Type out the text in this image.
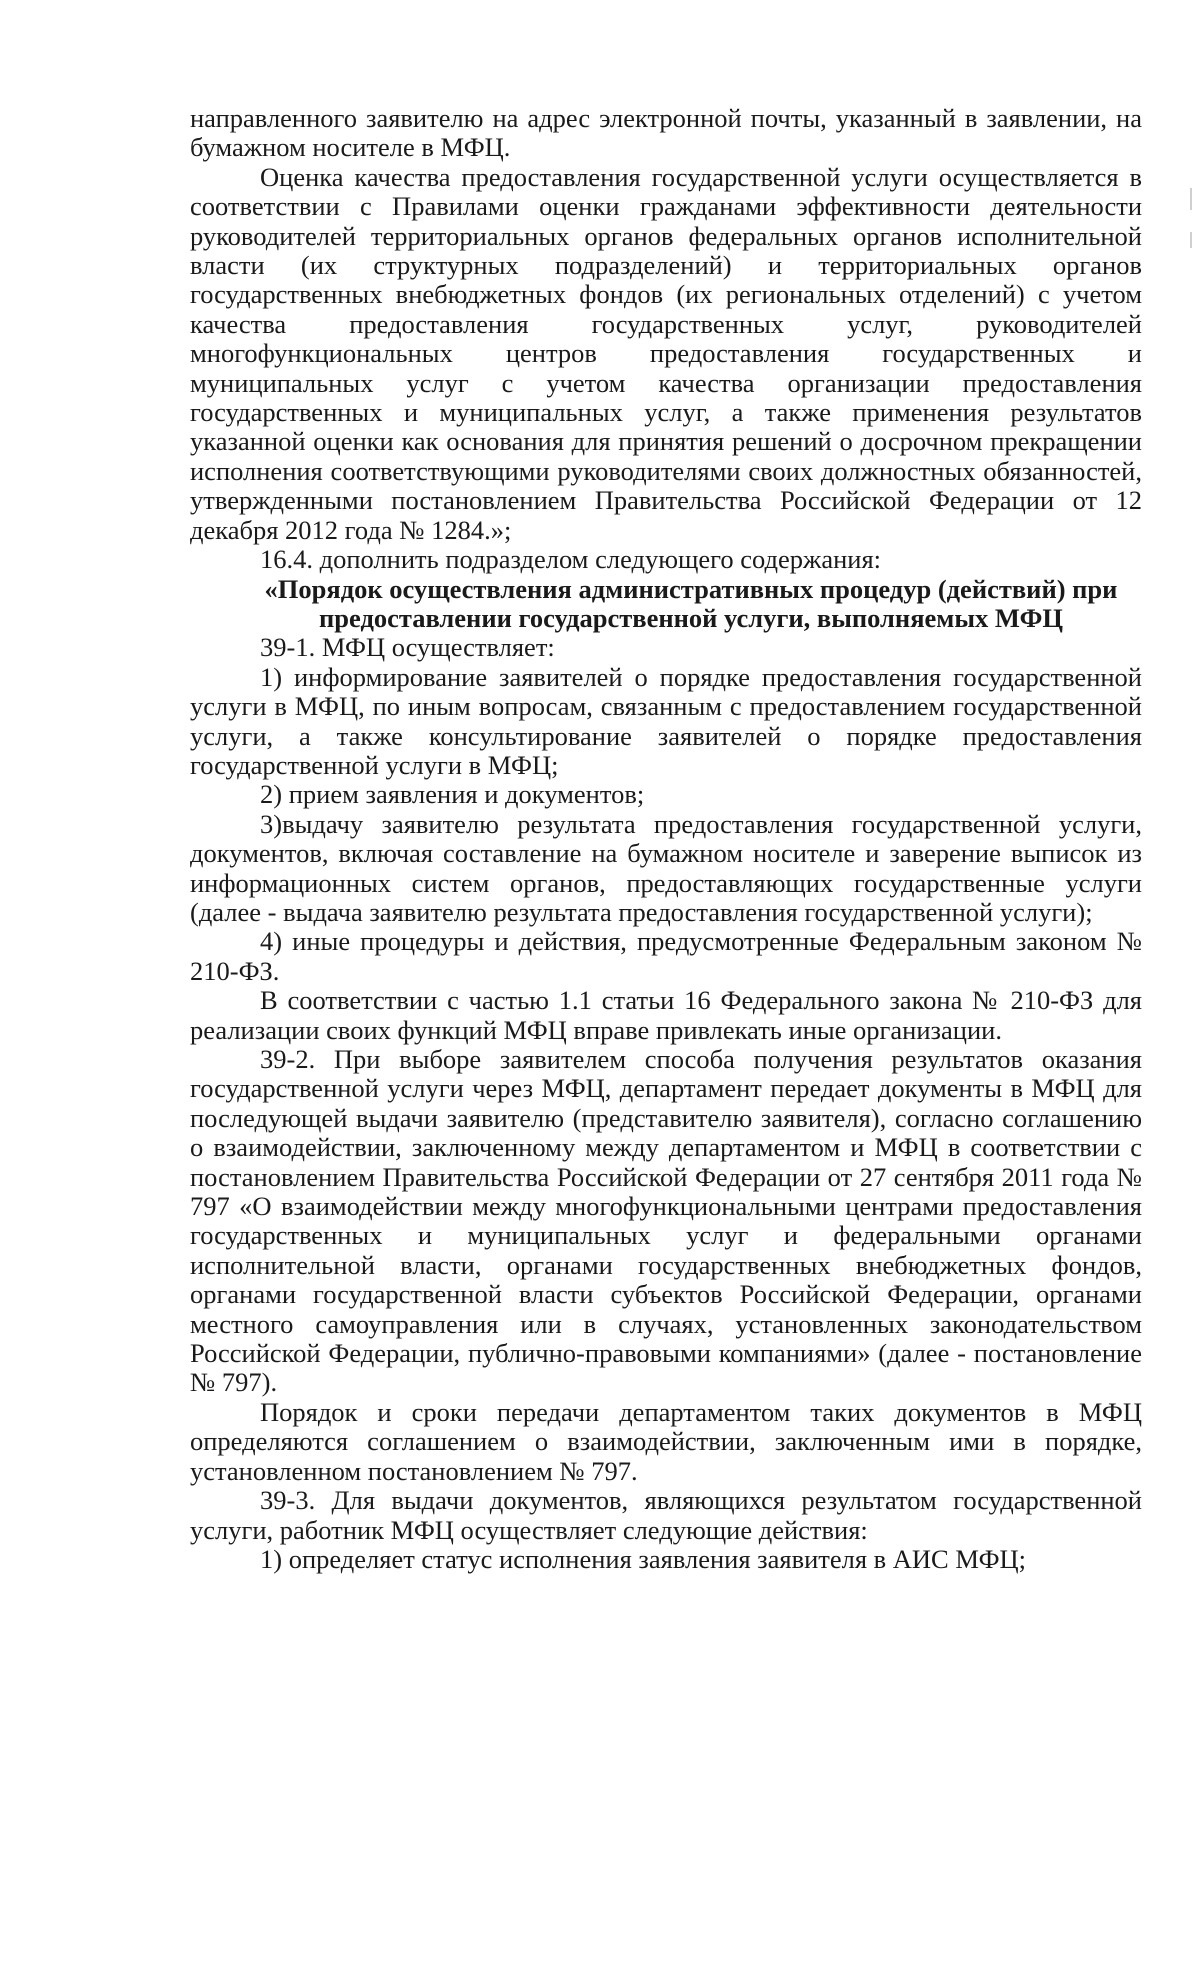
направленного заявителю на адрес электронной почты, указанный в заявлении, на бумажном носителе в МФЦ.

Оценка качества предоставления государственной услуги осуществляется в соответствии с Правилами оценки гражданами эффективности деятельности руководителей территориальных органов федеральных органов исполнительной власти (их структурных подразделений) и территориальных органов государственных внебюджетных фондов (их региональных отделений) с учетом качества предоставления государственных услуг, руководителей многофункциональных центров предоставления государственных и муниципальных услуг с учетом качества организации предоставления государственных и муниципальных услуг, а также применения результатов указанной оценки как основания для принятия решений о досрочном прекращении исполнения соответствующими руководителями своих должностных обязанностей, утвержденными постановлением Правительства Российской Федерации от 12 декабря 2012 года № 1284.»;

16.4. дополнить подразделом следующего содержания:

«Порядок осуществления административных процедур (действий) при предоставлении государственной услуги, выполняемых МФЦ

39-1. МФЦ осуществляет:

1) информирование заявителей о порядке предоставления государственной услуги в МФЦ, по иным вопросам, связанным с предоставлением государственной услуги, а также консультирование заявителей о порядке предоставления государственной услуги в МФЦ;

2) прием заявления и документов;

3)выдачу заявителю результата предоставления государственной услуги, документов, включая составление на бумажном носителе и заверение выписок из информационных систем органов, предоставляющих государственные услуги (далее - выдача заявителю результата предоставления государственной услуги);

4) иные процедуры и действия, предусмотренные Федеральным законом № 210-ФЗ.

В соответствии с частью 1.1 статьи 16 Федерального закона № 210-ФЗ для реализации своих функций МФЦ вправе привлекать иные организации.

39-2. При выборе заявителем способа получения результатов оказания государственной услуги через МФЦ, департамент передает документы в МФЦ для последующей выдачи заявителю (представителю заявителя), согласно соглашению о взаимодействии, заключенному между департаментом и МФЦ в соответствии с постановлением Правительства Российской Федерации от 27 сентября 2011 года № 797 «О взаимодействии между многофункциональными центрами предоставления государственных и муниципальных услуг и федеральными органами исполнительной власти, органами государственных внебюджетных фондов, органами государственной власти субъектов Российской Федерации, органами местного самоуправления или в случаях, установленных законодательством Российской Федерации, публично-правовыми компаниями» (далее - постановление № 797).

Порядок и сроки передачи департаментом таких документов в МФЦ определяются соглашением о взаимодействии, заключенным ими в порядке, установленном постановлением № 797.

39-3. Для выдачи документов, являющихся результатом государственной услуги, работник МФЦ осуществляет следующие действия:

1) определяет статус исполнения заявления заявителя в АИС МФЦ;
